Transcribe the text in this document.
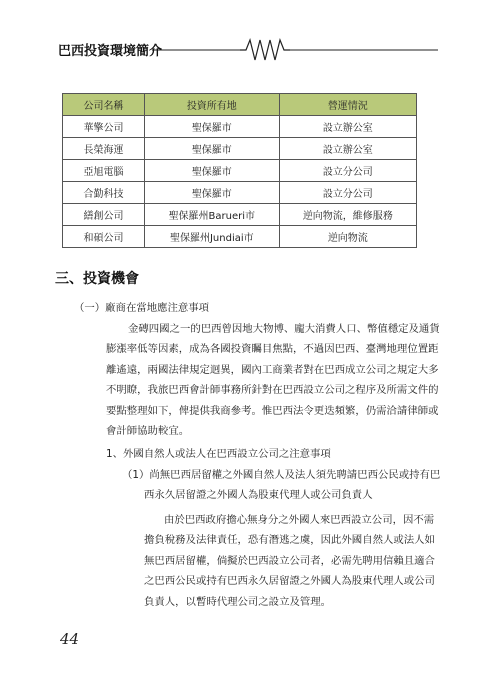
巴西投資環境簡介
公司名稱	投資所有地	營運情況
華擎公司	聖保羅市	設立辦公室
長榮海運	聖保羅市	設立辦公室
亞旭電腦	聖保羅市	設立分公司
合勤科技	聖保羅市	設立分公司
繕創公司	聖保羅州Barueri市	逆向物流，維修服務
和碩公司	聖保羅州Jundiai市	逆向物流
三、投資機會
（一）廠商在當地應注意事項
金磚四國之一的巴西曾因地大物博、龐大消費人口、幣值穩定及通貨
膨漲率低等因素，成為各國投資矚目焦點，不過因巴西、臺灣地理位置距
離遙遠，兩國法律規定迥異，國內工商業者對在巴西成立公司之規定大多
不明瞭，我旅巴西會計師事務所針對在巴西設立公司之程序及所需文件的
要點整理如下，俾提供我商參考。惟巴西法令更迭頻繁，仍需洽請律師或
會計師協助較宜。
1、外國自然人或法人在巴西設立公司之注意事項
（1）尚無巴西居留權之外國自然人及法人須先聘請巴西公民或持有巴
西永久居留證之外國人為股東代理人或公司負責人
由於巴西政府擔心無身分之外國人來巴西設立公司，因不需
擔負稅務及法律責任，恐有潛逃之虞，因此外國自然人或法人如
無巴西居留權，倘擬於巴西設立公司者，必需先聘用信賴且適合
之巴西公民或持有巴西永久居留證之外國人為股東代理人或公司
負責人，以暫時代理公司之設立及管理。
44
